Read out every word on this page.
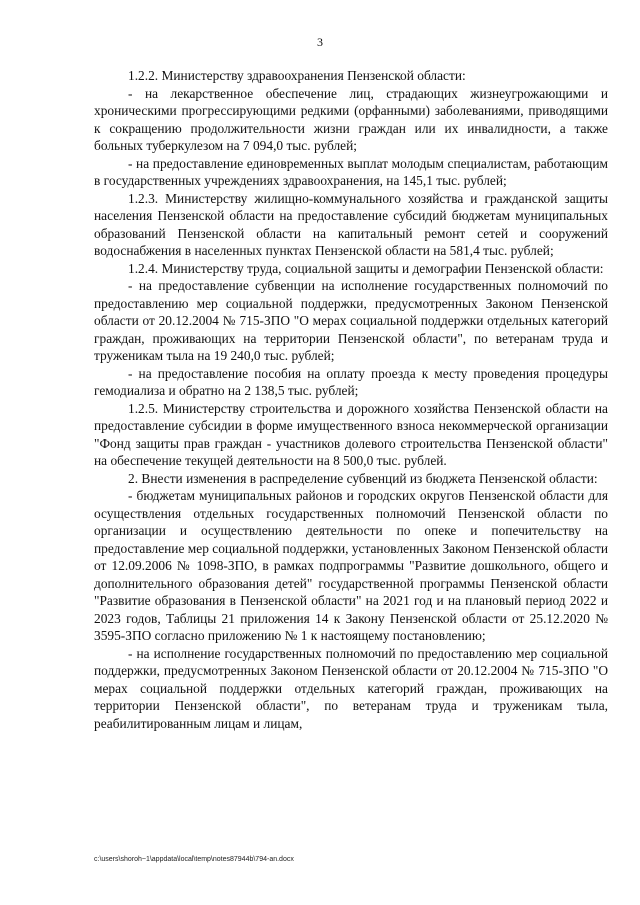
3

1.2.2. Министерству здравоохранения Пензенской области:

- на лекарственное обеспечение лиц, страдающих жизнеугрожающими и хроническими прогрессирующими редкими (орфанными) заболеваниями, приводящими к сокращению продолжительности жизни граждан или их инвалидности, а также больных туберкулезом на 7 094,0 тыс. рублей;

- на предоставление единовременных выплат молодым специалистам, работающим в государственных учреждениях здравоохранения, на 145,1 тыс. рублей;

1.2.3. Министерству жилищно-коммунального хозяйства и гражданской защиты населения Пензенской области на предоставление субсидий бюджетам муниципальных образований Пензенской области на капитальный ремонт сетей и сооружений водоснабжения в населенных пунктах Пензенской области на 581,4 тыс. рублей;

1.2.4. Министерству труда, социальной защиты и демографии Пензенской области:

- на предоставление субвенции на исполнение государственных полномочий по предоставлению мер социальной поддержки, предусмотренных Законом Пензенской области от 20.12.2004 № 715-ЗПО "О мерах социальной поддержки отдельных категорий граждан, проживающих на территории Пензенской области", по ветеранам труда и труженикам тыла на 19 240,0 тыс. рублей;

- на предоставление пособия на оплату проезда к месту проведения процедуры гемодиализа и обратно на 2 138,5 тыс. рублей;

1.2.5. Министерству строительства и дорожного хозяйства Пензенской области на предоставление субсидии в форме имущественного взноса некоммерческой организации "Фонд защиты прав граждан - участников долевого строительства Пензенской области" на обеспечение текущей деятельности на 8 500,0 тыс. рублей.

2. Внести изменения в распределение субвенций из бюджета Пензенской области:

- бюджетам муниципальных районов и городских округов Пензенской области для осуществления отдельных государственных полномочий Пензенской области по организации и осуществлению деятельности по опеке и попечительству на предоставление мер социальной поддержки, установленных Законом Пензенской области от 12.09.2006 № 1098-ЗПО, в рамках подпрограммы "Развитие дошкольного, общего и дополнительного образования детей" государственной программы Пензенской области "Развитие образования в Пензенской области" на 2021 год и на плановый период 2022 и 2023 годов, Таблицы 21 приложения 14 к Закону Пензенской области от 25.12.2020 № 3595-ЗПО согласно приложению № 1 к настоящему постановлению;

- на исполнение государственных полномочий по предоставлению мер социальной поддержки, предусмотренных Законом Пензенской области от 20.12.2004 № 715-ЗПО "О мерах социальной поддержки отдельных категорий граждан, проживающих на территории Пензенской области", по ветеранам труда и труженикам тыла, реабилитированным лицам и лицам,

c:\users\shoroh~1\appdata\local\temp\notes87944b\794-an.docx
